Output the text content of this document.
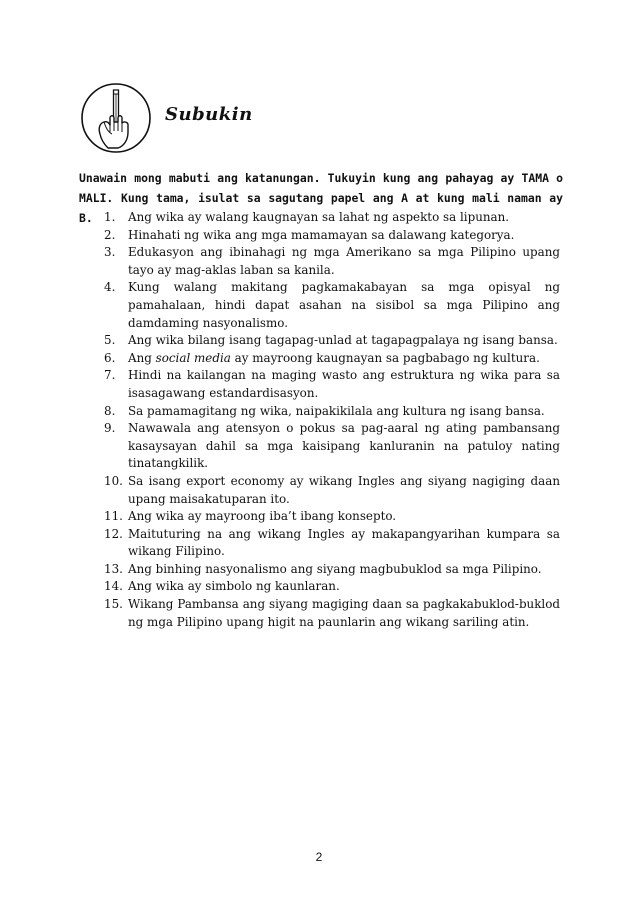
Subukin
Unawain mong mabuti ang katanungan. Tukuyin kung ang pahayag ay TAMA o MALI. Kung tama, isulat sa sagutang papel ang A at kung mali naman ay B. 1. Ang wika ay walang kaugnayan sa lahat ng aspekto sa lipunan.
2. Hinahati ng wika ang mga mamamayan sa dalawang kategorya.
3. Edukasyon ang ibinahagi ng mga Amerikano sa mga Pilipino upang tayo ay mag-aklas laban sa kanila.
4. Kung walang makitang pagkamakabayan sa mga opisyal ng pamahalaan, hindi dapat asahan na sisibol sa mga Pilipino ang damdaming nasyonalismo.
5. Ang wika bilang isang tagapag-unlad at tagapagpalaya ng isang bansa.
6. Ang social media ay mayroong kaugnayan sa pagbabago ng kultura.
7. Hindi na kailangan na maging wasto ang estruktura ng wika para sa isasagawang estandardisasyon.
8. Sa pamamagitang ng wika, naipakikilala ang kultura ng isang bansa.
9. Nawawala ang atensyon o pokus sa pag-aaral ng ating pambansang kasaysayan dahil sa mga kaisipang kanluranin na patuloy nating tinatangkilik.
10. Sa isang export economy ay wikang Ingles ang siyang nagiging daan upang maisakatuparan ito.
11. Ang wika ay mayroong iba’t ibang konsepto.
12. Maituturing na ang wikang Ingles ay makapangyarihan kumpara sa wikang Filipino.
13. Ang binhing nasyonalismo ang siyang magbubuklod sa mga Pilipino.
14. Ang wika ay simbolo ng kaunlaran.
15. Wikang Pambansa ang siyang magiging daan sa pagkakabuklod-buklod ng mga Pilipino upang higit na paunlarin ang wikang sariling atin.
2
